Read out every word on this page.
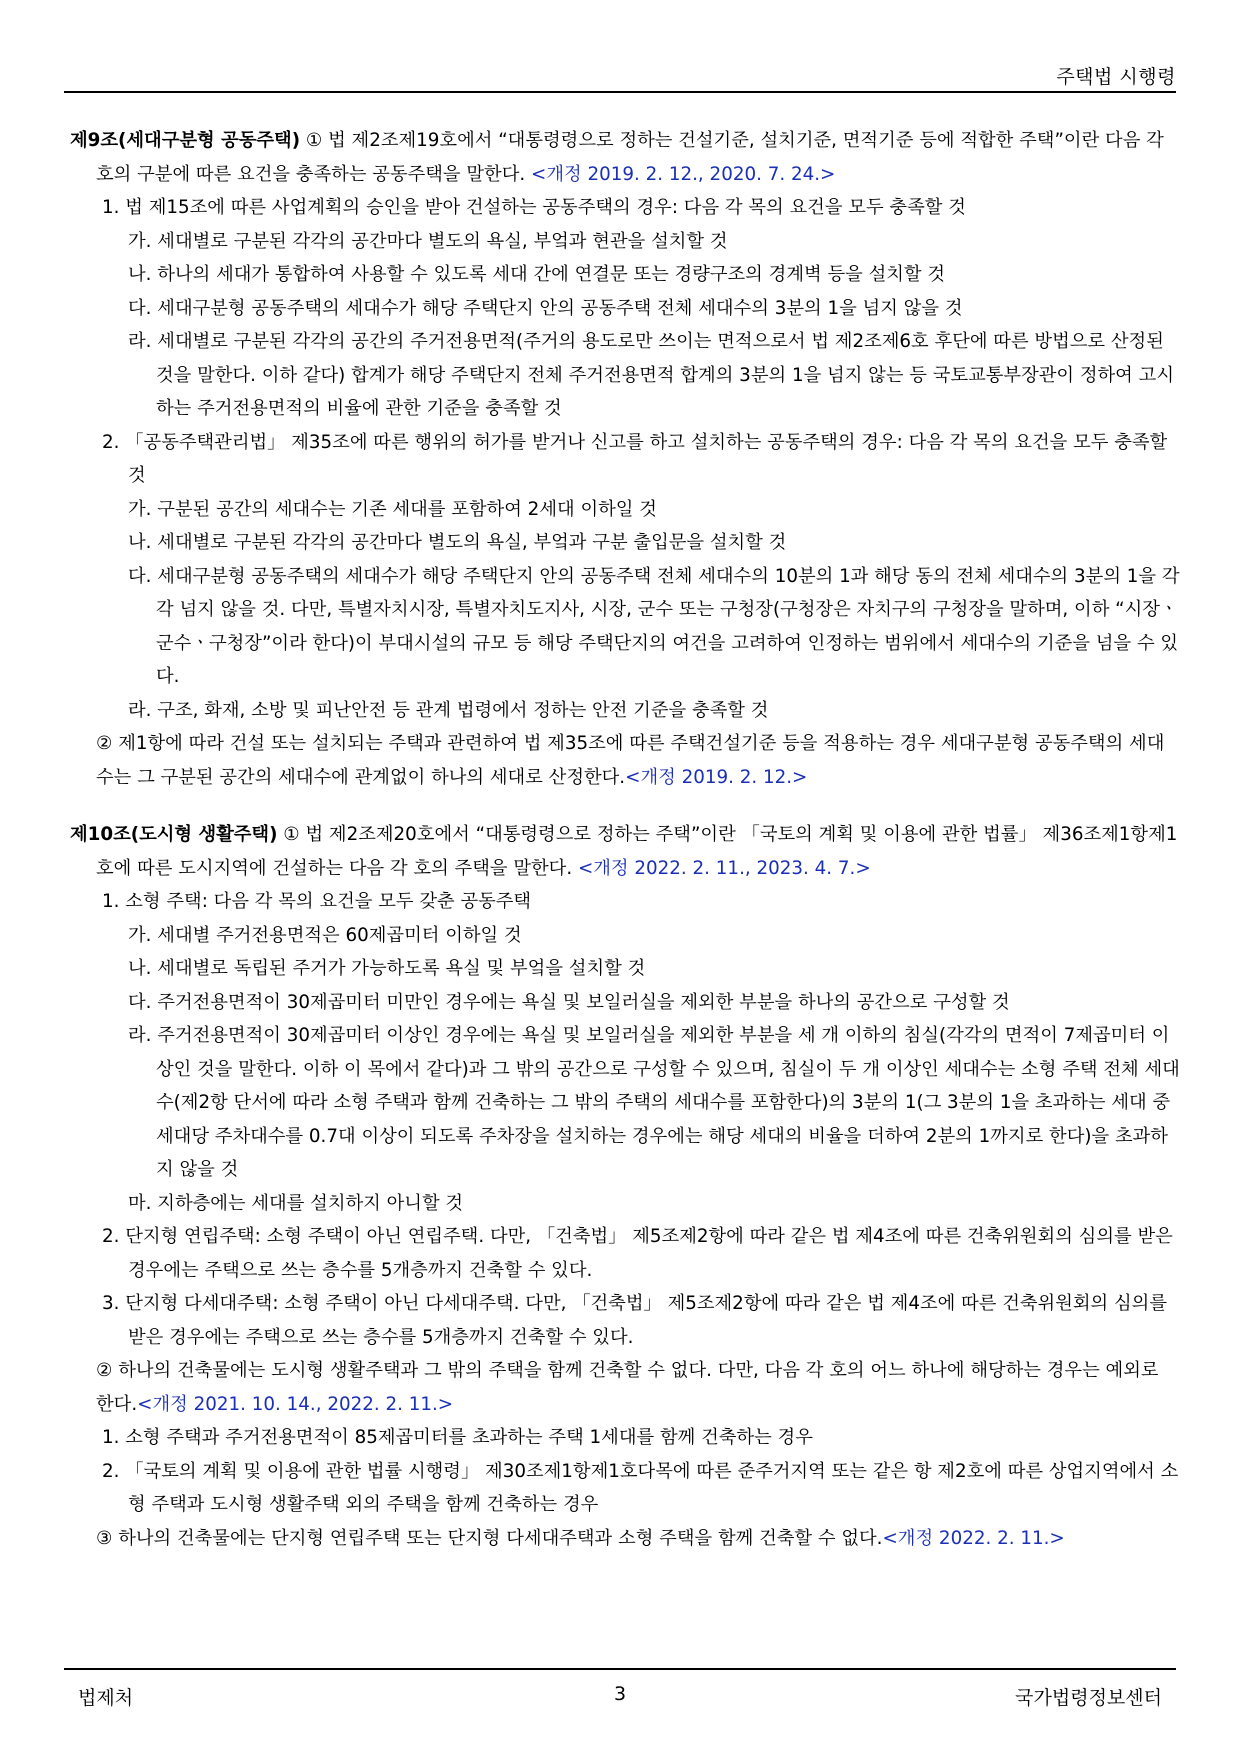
주택법 시행령

제9조(세대구분형 공동주택) ① 법 제2조제19호에서 “대통령령으로 정하는 건설기준, 설치기준, 면적기준 등에 적합한 주택”이란 다음 각 호의 구분에 따른 요건을 충족하는 공동주택을 말한다. <개정 2019. 2. 12., 2020. 7. 24.>

1. 법 제15조에 따른 사업계획의 승인을 받아 건설하는 공동주택의 경우: 다음 각 목의 요건을 모두 충족할 것

가. 세대별로 구분된 각각의 공간마다 별도의 욕실, 부엌과 현관을 설치할 것

나. 하나의 세대가 통합하여 사용할 수 있도록 세대 간에 연결문 또는 경량구조의 경계벽 등을 설치할 것

다. 세대구분형 공동주택의 세대수가 해당 주택단지 안의 공동주택 전체 세대수의 3분의 1을 넘지 않을 것

라. 세대별로 구분된 각각의 공간의 주거전용면적(주거의 용도로만 쓰이는 면적으로서 법 제2조제6호 후단에 따른 방법으로 산정된 것을 말한다. 이하 같다) 합계가 해당 주택단지 전체 주거전용면적 합계의 3분의 1을 넘지 않는 등 국토교통부장관이 정하여 고시하는 주거전용면적의 비율에 관한 기준을 충족할 것

2. 「공동주택관리법」 제35조에 따른 행위의 허가를 받거나 신고를 하고 설치하는 공동주택의 경우: 다음 각 목의 요건을 모두 충족할 것

가. 구분된 공간의 세대수는 기존 세대를 포함하여 2세대 이하일 것

나. 세대별로 구분된 각각의 공간마다 별도의 욕실, 부엌과 구분 출입문을 설치할 것

다. 세대구분형 공동주택의 세대수가 해당 주택단지 안의 공동주택 전체 세대수의 10분의 1과 해당 동의 전체 세대수의 3분의 1을 각각 넘지 않을 것. 다만, 특별자치시장, 특별자치도지사, 시장, 군수 또는 구청장(구청장은 자치구의 구청장을 말하며, 이하 “시장ㆍ군수ㆍ구청장”이라 한다)이 부대시설의 규모 등 해당 주택단지의 여건을 고려하여 인정하는 범위에서 세대수의 기준을 넘을 수 있다.

라. 구조, 화재, 소방 및 피난안전 등 관계 법령에서 정하는 안전 기준을 충족할 것

② 제1항에 따라 건설 또는 설치되는 주택과 관련하여 법 제35조에 따른 주택건설기준 등을 적용하는 경우 세대구분형 공동주택의 세대수는 그 구분된 공간의 세대수에 관계없이 하나의 세대로 산정한다.<개정 2019. 2. 12.>

제10조(도시형 생활주택) ① 법 제2조제20호에서 “대통령령으로 정하는 주택”이란 「국토의 계획 및 이용에 관한 법률」 제36조제1항제1호에 따른 도시지역에 건설하는 다음 각 호의 주택을 말한다. <개정 2022. 2. 11., 2023. 4. 7.>

1. 소형 주택: 다음 각 목의 요건을 모두 갖춘 공동주택

가. 세대별 주거전용면적은 60제곱미터 이하일 것

나. 세대별로 독립된 주거가 가능하도록 욕실 및 부엌을 설치할 것

다. 주거전용면적이 30제곱미터 미만인 경우에는 욕실 및 보일러실을 제외한 부분을 하나의 공간으로 구성할 것

라. 주거전용면적이 30제곱미터 이상인 경우에는 욕실 및 보일러실을 제외한 부분을 세 개 이하의 침실(각각의 면적이 7제곱미터 이상인 것을 말한다. 이하 이 목에서 같다)과 그 밖의 공간으로 구성할 수 있으며, 침실이 두 개 이상인 세대수는 소형 주택 전체 세대수(제2항 단서에 따라 소형 주택과 함께 건축하는 그 밖의 주택의 세대수를 포함한다)의 3분의 1(그 3분의 1을 초과하는 세대 중 세대당 주차대수를 0.7대 이상이 되도록 주차장을 설치하는 경우에는 해당 세대의 비율을 더하여 2분의 1까지로 한다)을 초과하지 않을 것

마. 지하층에는 세대를 설치하지 아니할 것

2. 단지형 연립주택: 소형 주택이 아닌 연립주택. 다만, 「건축법」 제5조제2항에 따라 같은 법 제4조에 따른 건축위원회의 심의를 받은 경우에는 주택으로 쓰는 층수를 5개층까지 건축할 수 있다.

3. 단지형 다세대주택: 소형 주택이 아닌 다세대주택. 다만, 「건축법」 제5조제2항에 따라 같은 법 제4조에 따른 건축위원회의 심의를 받은 경우에는 주택으로 쓰는 층수를 5개층까지 건축할 수 있다.

② 하나의 건축물에는 도시형 생활주택과 그 밖의 주택을 함께 건축할 수 없다. 다만, 다음 각 호의 어느 하나에 해당하는 경우는 예외로 한다.<개정 2021. 10. 14., 2022. 2. 11.>

1. 소형 주택과 주거전용면적이 85제곱미터를 초과하는 주택 1세대를 함께 건축하는 경우

2. 「국토의 계획 및 이용에 관한 법률 시행령」 제30조제1항제1호다목에 따른 준주거지역 또는 같은 항 제2호에 따른 상업지역에서 소형 주택과 도시형 생활주택 외의 주택을 함께 건축하는 경우

③ 하나의 건축물에는 단지형 연립주택 또는 단지형 다세대주택과 소형 주택을 함께 건축할 수 없다.<개정 2022. 2. 11.>

법제처	3	국가법령정보센터
